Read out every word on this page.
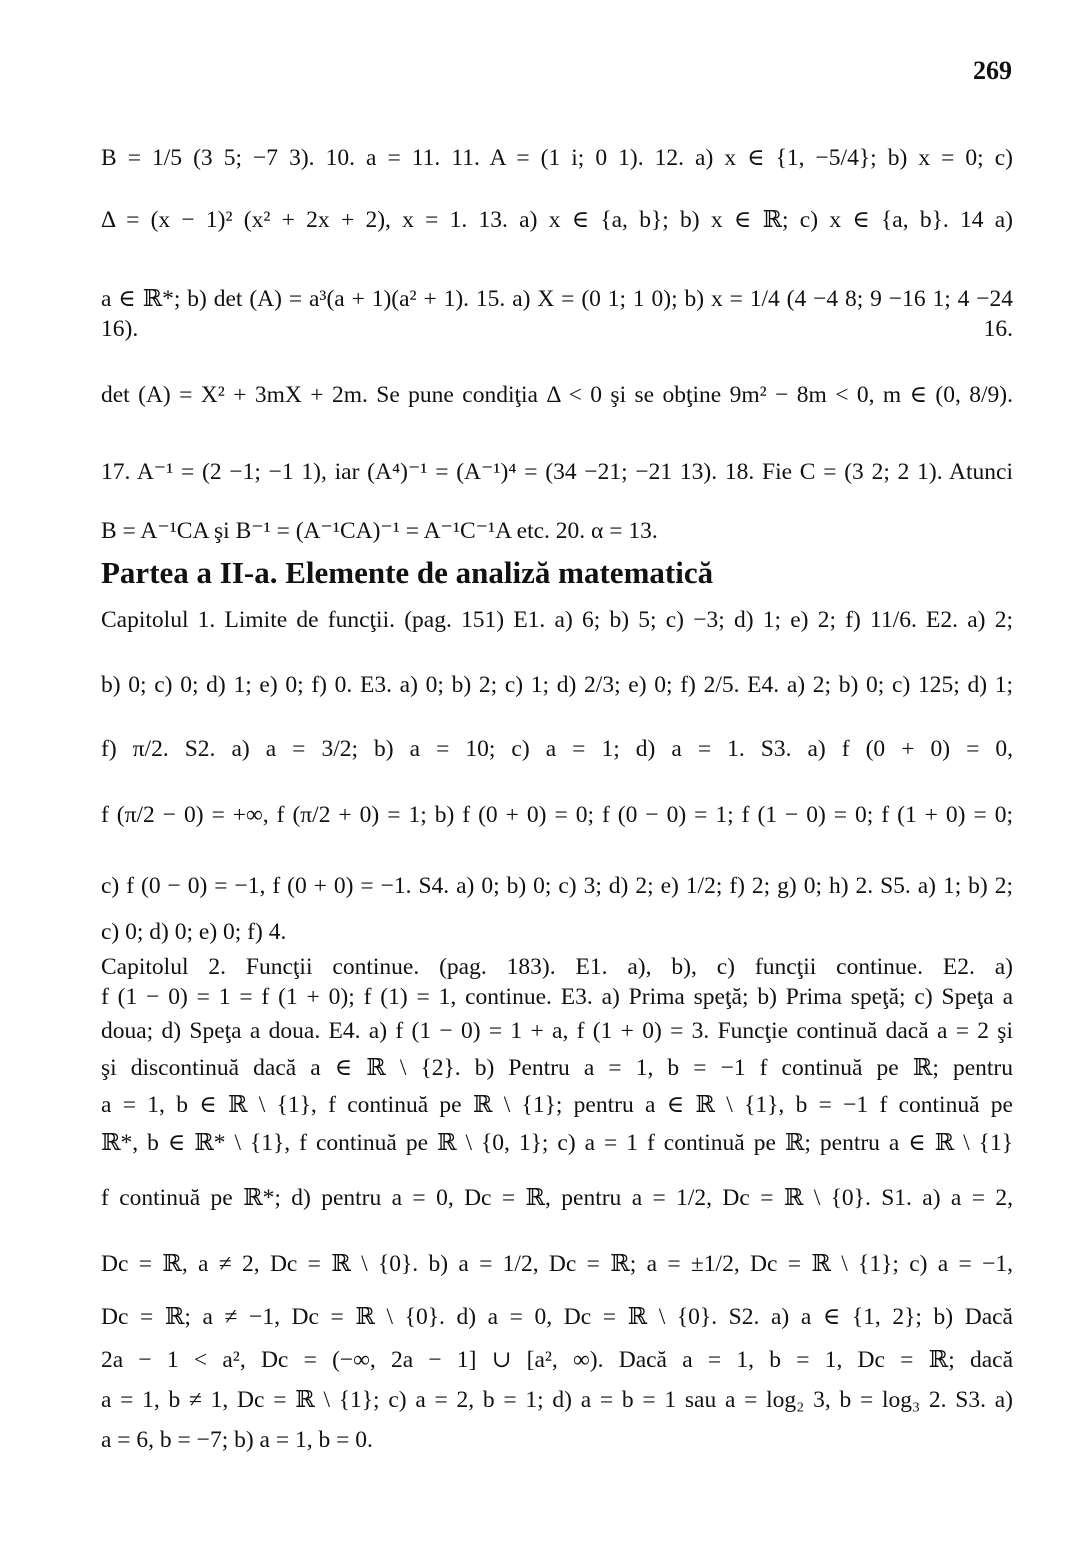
269
B = 1/5 (3 5; −7 3). 10. a = 11. 11. A = (1 i; 0 1). 12. a) x ∈ {1, −5/4}; b) x = 0; c)
Δ = (x − 1)² (x² + 2x + 2), x = 1. 13. a) x ∈ {a, b}; b) x ∈ ℝ; c) x ∈ {a, b}. 14 a)
a ∈ ℝ*; b) det (A) = a³(a + 1)(a² + 1). 15. a) X = (0 1; 1 0); b) x = 1/4 (4 −4 8; 9 −16 1; 4 −24 16). 16.
det (A) = X² + 3mX + 2m. Se pune condiţia Δ < 0 şi se obţine 9m² − 8m < 0, m ∈ (0, 8/9).
17. A⁻¹ = (2 −1; −1 1), iar (A⁴)⁻¹ = (A⁻¹)⁴ = (34 −21; −21 13). 18. Fie C = (3 2; 2 1). Atunci
B = A⁻¹CA şi B⁻¹ = (A⁻¹CA)⁻¹ = A⁻¹C⁻¹A etc. 20. α = 13.
Partea a II-a. Elemente de analiză matematică
Capitolul 1. Limite de funcţii. (pag. 151) E1. a) 6; b) 5; c) −3; d) 1; e) 2; f) 11/6. E2. a) 2;
b) 0; c) 0; d) 1; e) 0; f) 0. E3. a) 0; b) 2; c) 1; d) 2/3; e) 0; f) 2/5. E4. a) 2; b) 0; c) 125; d) 1;
f) π/2. S2. a) a = 3/2; b) a = 10; c) a = 1; d) a = 1. S3. a) f (0 + 0) = 0,
f (π/2 − 0) = +∞, f (π/2 + 0) = 1; b) f (0 + 0) = 0; f (0 − 0) = 1; f (1 − 0) = 0; f (1 + 0) = 0;
c) f (0 − 0) = −1, f (0 + 0) = −1. S4. a) 0; b) 0; c) 3; d) 2; e) 1/2; f) 2; g) 0; h) 2. S5. a) 1; b) 2;
c) 0; d) 0; e) 0; f) 4.
Capitolul 2. Funcţii continue. (pag. 183). E1. a), b), c) funcţii continue. E2. a)
f (1 − 0) = 1 = f (1 + 0); f (1) = 1, continue. E3. a) Prima speţă; b) Prima speţă; c) Speţa a
doua; d) Speţa a doua. E4. a) f (1 − 0) = 1 + a, f (1 + 0) = 3. Funcţie continuă dacă a = 2 şi
şi discontinuă dacă a ∈ ℝ \ {2}. b) Pentru a = 1, b = −1 f continuă pe ℝ; pentru
a = 1, b ∈ ℝ \ {1}, f continuă pe ℝ \ {1}; pentru a ∈ ℝ \ {1}, b = −1 f continuă pe
ℝ*, b ∈ ℝ* \ {1}, f continuă pe ℝ \ {0, 1}; c) a = 1 f continuă pe ℝ; pentru a ∈ ℝ \ {1}
f continuă pe ℝ*; d) pentru a = 0, Dc = ℝ, pentru a = 1/2, Dc = ℝ \ {0}. S1. a) a = 2,
Dc = ℝ, a ≠ 2, Dc = ℝ \ {0}. b) a = 1/2, Dc = ℝ; a = ±1/2, Dc = ℝ \ {1}; c) a = −1,
Dc = ℝ; a ≠ −1, Dc = ℝ \ {0}. d) a = 0, Dc = ℝ \ {0}. S2. a) a ∈ {1, 2}; b) Dacă
2a − 1 < a², Dc = (−∞, 2a − 1] ∪ [a², ∞). Dacă a = 1, b = 1, Dc = ℝ; dacă
a = 1, b ≠ 1, Dc = ℝ \ {1}; c) a = 2, b = 1; d) a = b = 1 sau a = log₂ 3, b = log₃ 2. S3. a)
a = 6, b = −7; b) a = 1, b = 0.
